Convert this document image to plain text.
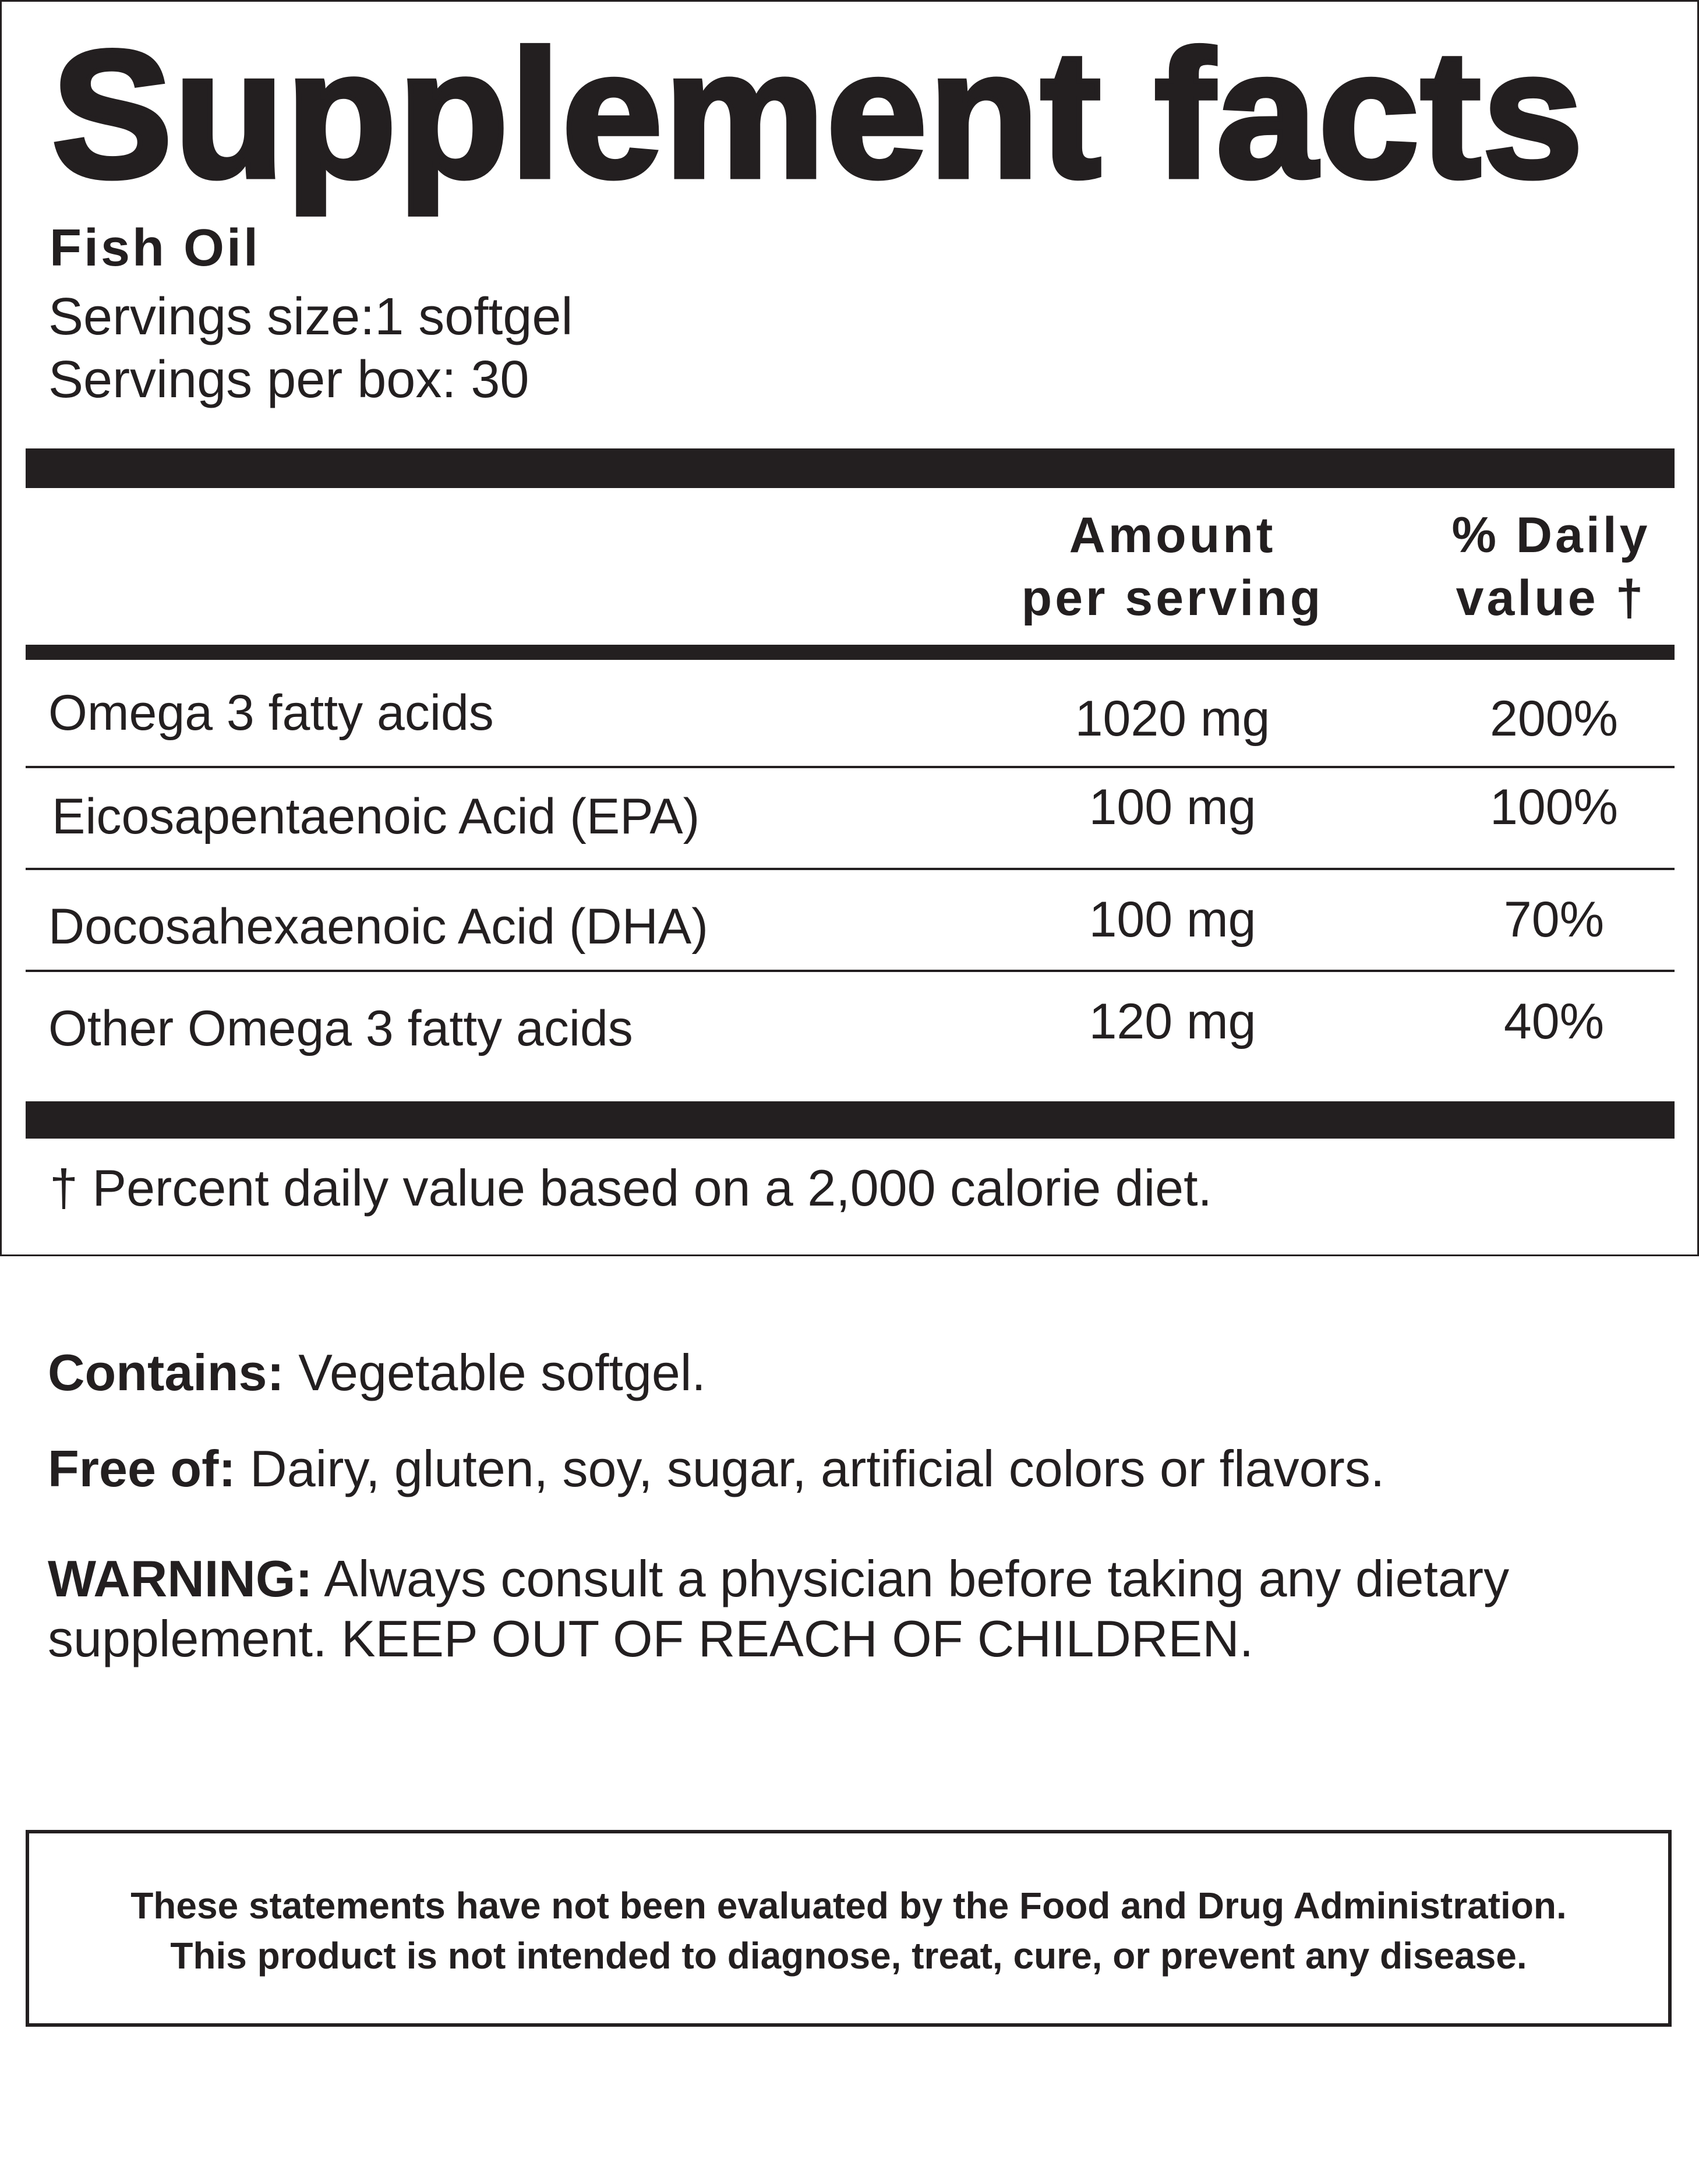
Supplement facts
Fish Oil
Servings size:1 softgel
Servings per box: 30
Amount
per serving
% Daily
value †
Omega 3 fatty acids	1020 mg	200%
Eicosapentaenoic Acid (EPA)	100 mg	100%
Docosahexaenoic Acid (DHA)	100 mg	70%
Other Omega 3 fatty acids	120 mg	40%
† Percent daily value based on a 2,000 calorie diet.
Contains: Vegetable softgel.
Free of: Dairy, gluten, soy, sugar, artificial colors or flavors.
WARNING: Always consult a physician before taking any dietary
supplement. KEEP OUT OF REACH OF CHILDREN.
These statements have not been evaluated by the Food and Drug Administration.
This product is not intended to diagnose, treat, cure, or prevent any disease.
